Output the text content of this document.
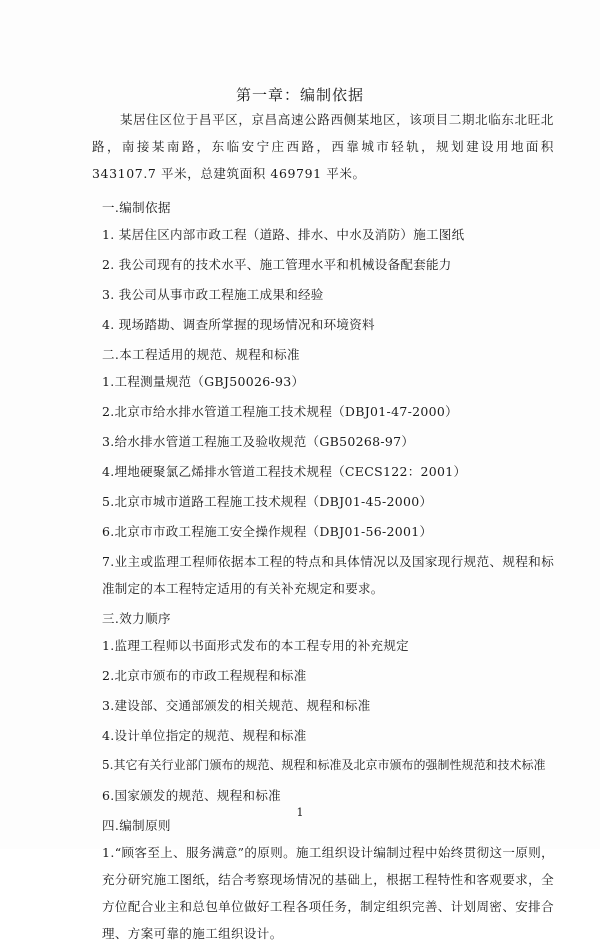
第一章：编制依据

某居住区位于昌平区，京昌高速公路西侧某地区，该项目二期北临东北旺北路，南接某南路，东临安宁庄西路，西靠城市轻轨，规划建设用地面积 343107.7 平米，总建筑面积 469791 平米。

一.编制依据

1. 某居住区内部市政工程（道路、排水、中水及消防）施工图纸

2. 我公司现有的技术水平、施工管理水平和机械设备配套能力

3. 我公司从事市政工程施工成果和经验

4. 现场踏勘、调查所掌握的现场情况和环境资料

二.本工程适用的规范、规程和标准

1.工程测量规范（GBJ50026-93）

2.北京市给水排水管道工程施工技术规程（DBJ01-47-2000）

3.给水排水管道工程施工及验收规范（GB50268-97）

4.埋地硬聚氯乙烯排水管道工程技术规程（CECS122：2001）

5.北京市城市道路工程施工技术规程（DBJ01-45-2000）

6.北京市市政工程施工安全操作规程（DBJ01-56-2001）

7.业主或监理工程师依据本工程的特点和具体情况以及国家现行规范、规程和标准制定的本工程特定适用的有关补充规定和要求。

三.效力顺序

1.监理工程师以书面形式发布的本工程专用的补充规定

2.北京市颁布的市政工程规程和标准

3.建设部、交通部颁发的相关规范、规程和标准

4.设计单位指定的规范、规程和标准

5.其它有关行业部门颁布的规范、规程和标准及北京市颁布的强制性规范和技术标准

6.国家颁发的规范、规程和标准

四.编制原则

1.“顾客至上、服务满意”的原则。施工组织设计编制过程中始终贯彻这一原则，充分研究施工图纸，结合考察现场情况的基础上，根据工程特性和客观要求，全方位配合业主和总包单位做好工程各项任务，制定组织完善、计划周密、安排合理、方案可靠的施工组织设计。

1
